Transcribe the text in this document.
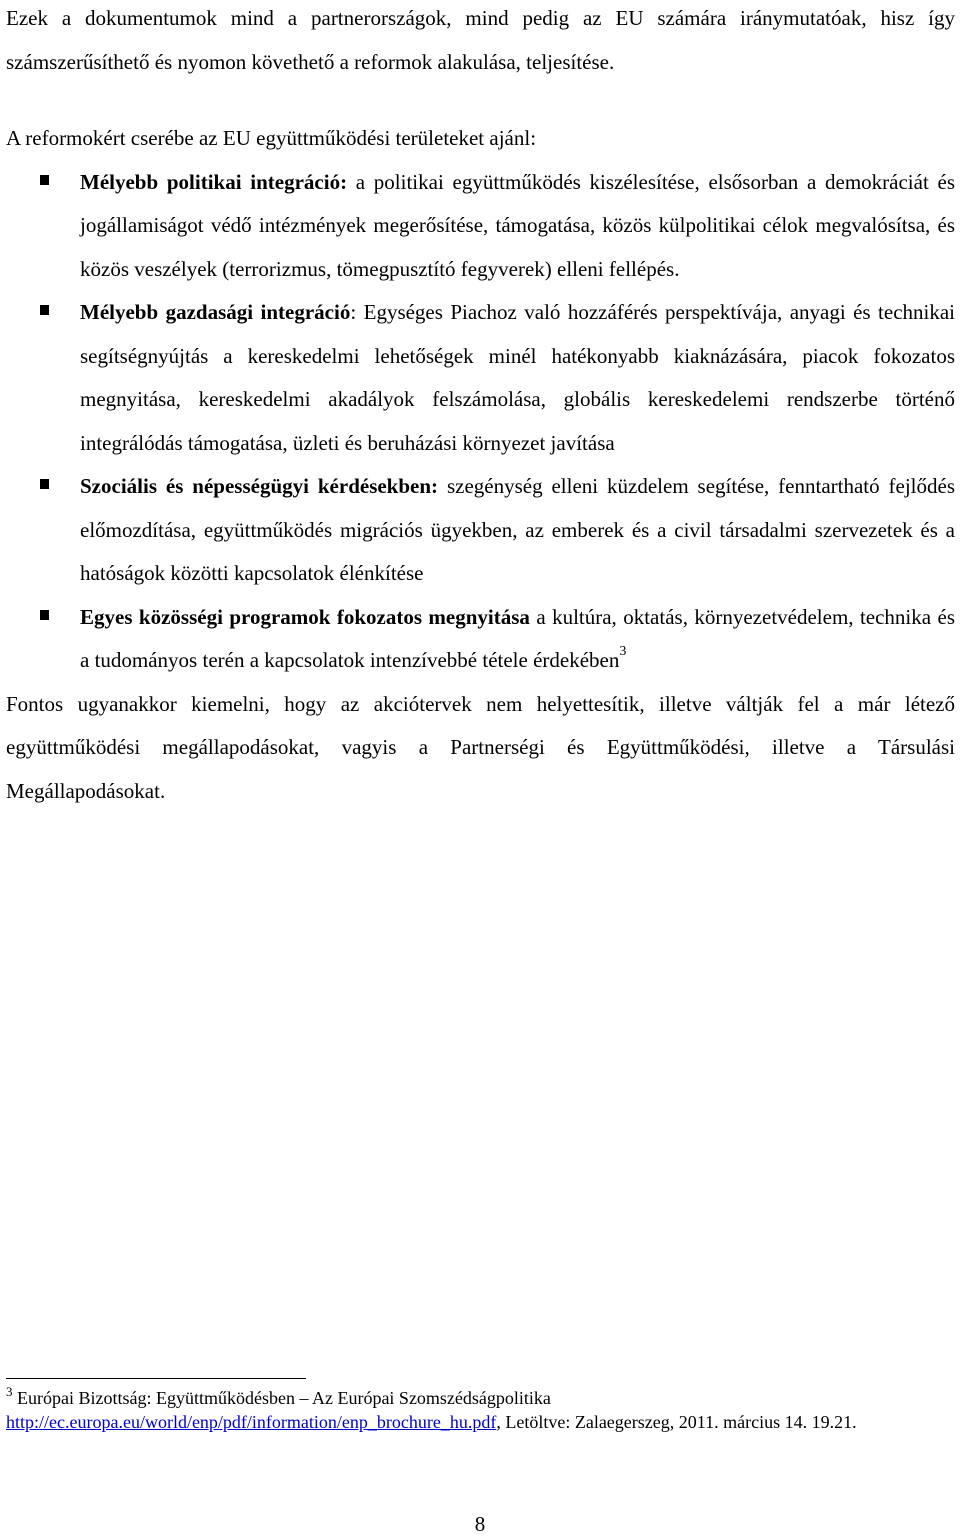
Ezek a dokumentumok mind a partnerországok, mind pedig az EU számára iránymutatóak, hisz így számszerűsíthető és nyomon követhető a reformok alakulása, teljesítése.

A reformokért cserébe az EU együttműködési területeket ajánl:

Mélyebb politikai integráció: a politikai együttműködés kiszélesítése, elsősorban a demokráciát és jogállamiságot védő intézmények megerősítése, támogatása, közös külpolitikai célok megvalósítsa, és közös veszélyek (terrorizmus, tömegpusztító fegyverek) elleni fellépés.
Mélyebb gazdasági integráció: Egységes Piachoz való hozzáférés perspektívája, anyagi és technikai segítségnyújtás a kereskedelmi lehetőségek minél hatékonyabb kiaknázására, piacok fokozatos megnyitása, kereskedelmi akadályok felszámolása, globális kereskedelemi rendszerbe történő integrálódás támogatása, üzleti és beruházási környezet javítása
Szociális és népességügyi kérdésekben: szegénység elleni küzdelem segítése, fenntartható fejlődés előmozdítása, együttműködés migrációs ügyekben, az emberek és a civil társadalmi szervezetek és a hatóságok közötti kapcsolatok élénkítése
Egyes közösségi programok fokozatos megnyitása a kultúra, oktatás, környezetvédelem, technika és a tudományos terén a kapcsolatok intenzívebbé tétele érdekében$^3$

Fontos ugyanakkor kiemelni, hogy az akciótervek nem helyettesítik, illetve váltják fel a már létező együttműködési megállapodásokat, vagyis a Partnerségi és Együttműködési, illetve a Társulási Megállapodásokat.

$^3$ Európai Bizottság: Együttműködésben – Az Európai Szomszédságpolitika
http://ec.europa.eu/world/enp/pdf/information/enp_brochure_hu.pdf, Letöltve: Zalaegerszeg, 2011. március 14. 19.21.
8
